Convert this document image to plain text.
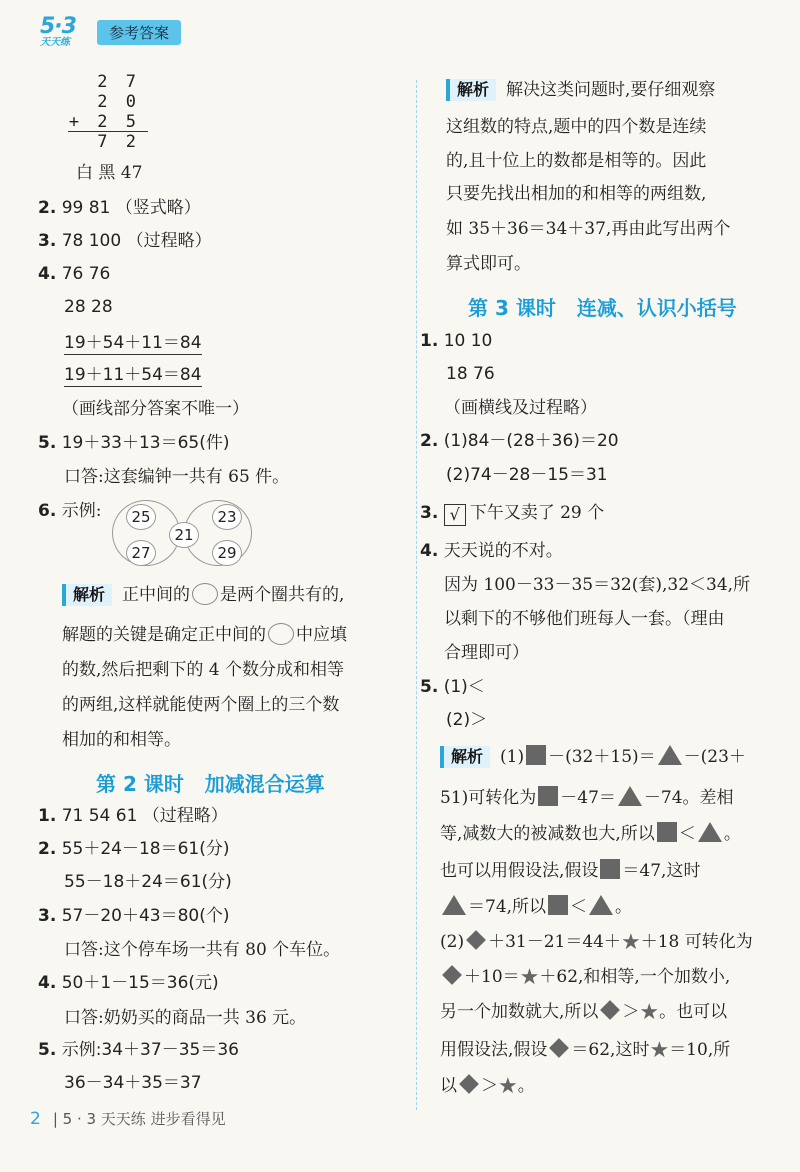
5·3
天天练
参考答案
2 7
2 0
+ 2 5
7 2
白 黑 47
2. 99 81 （竖式略）
3. 78 100 （过程略）
4. 76 76
28 28
19＋54＋11＝84
19＋11＋54＝84
（画线部分答案不唯一）
5. 19＋33＋13＝65(件)
口答:这套编钟一共有 65 件。
6. 示例:	25	23
21
27	29
解析 正中间的 是两个圈共有的,
解题的关键是确定正中间的 中应填
的数,然后把剩下的 4 个数分成和相等
的两组,这样就能使两个圈上的三个数
相加的和相等。
第 2 课时 加减混合运算
1. 71 54 61 （过程略）
2. 55＋24－18＝61(分)
55－18＋24＝61(分)
3. 57－20＋43＝80(个)
口答:这个停车场一共有 80 个车位。
4. 50＋1－15＝36(元)
口答:奶奶买的商品一共 36 元。
5. 示例:34＋37－35＝36
36－34＋35＝37
解析 解决这类问题时,要仔细观察
这组数的特点,题中的四个数是连续
的,且十位上的数都是相等的。因此
只要先找出相加的和相等的两组数,
如 35＋36＝34＋37,再由此写出两个
算式即可。
第 3 课时 连减、认识小括号
1. 10 10
18 76
（画横线及过程略）
2. (1)84－(28＋36)＝20
(2)74－28－15＝31
3. √ 下午又卖了 29 个
4. 天天说的不对。
因为 100－33－35＝32(套),32＜34,所
以剩下的不够他们班每人一套。（理由
合理即可）
5. (1)＜
(2)＞
解析 (1) －(32＋15)＝ －(23＋
51)可转化为 －47＝ －74。差相
等,减数大的被减数也大,所以 ＜ 。
也可以用假设法,假设 ＝47,这时
＝74,所以 ＜ 。
(2) ＋31－21＝44＋★＋18 可转化为
＋10＝★＋62,和相等,一个加数小,
另一个加数就大,所以 ＞★。也可以
用假设法,假设 ＝62,这时★＝10,所
以 ＞★。
2 | 5 · 3 天天练 进步看得见
